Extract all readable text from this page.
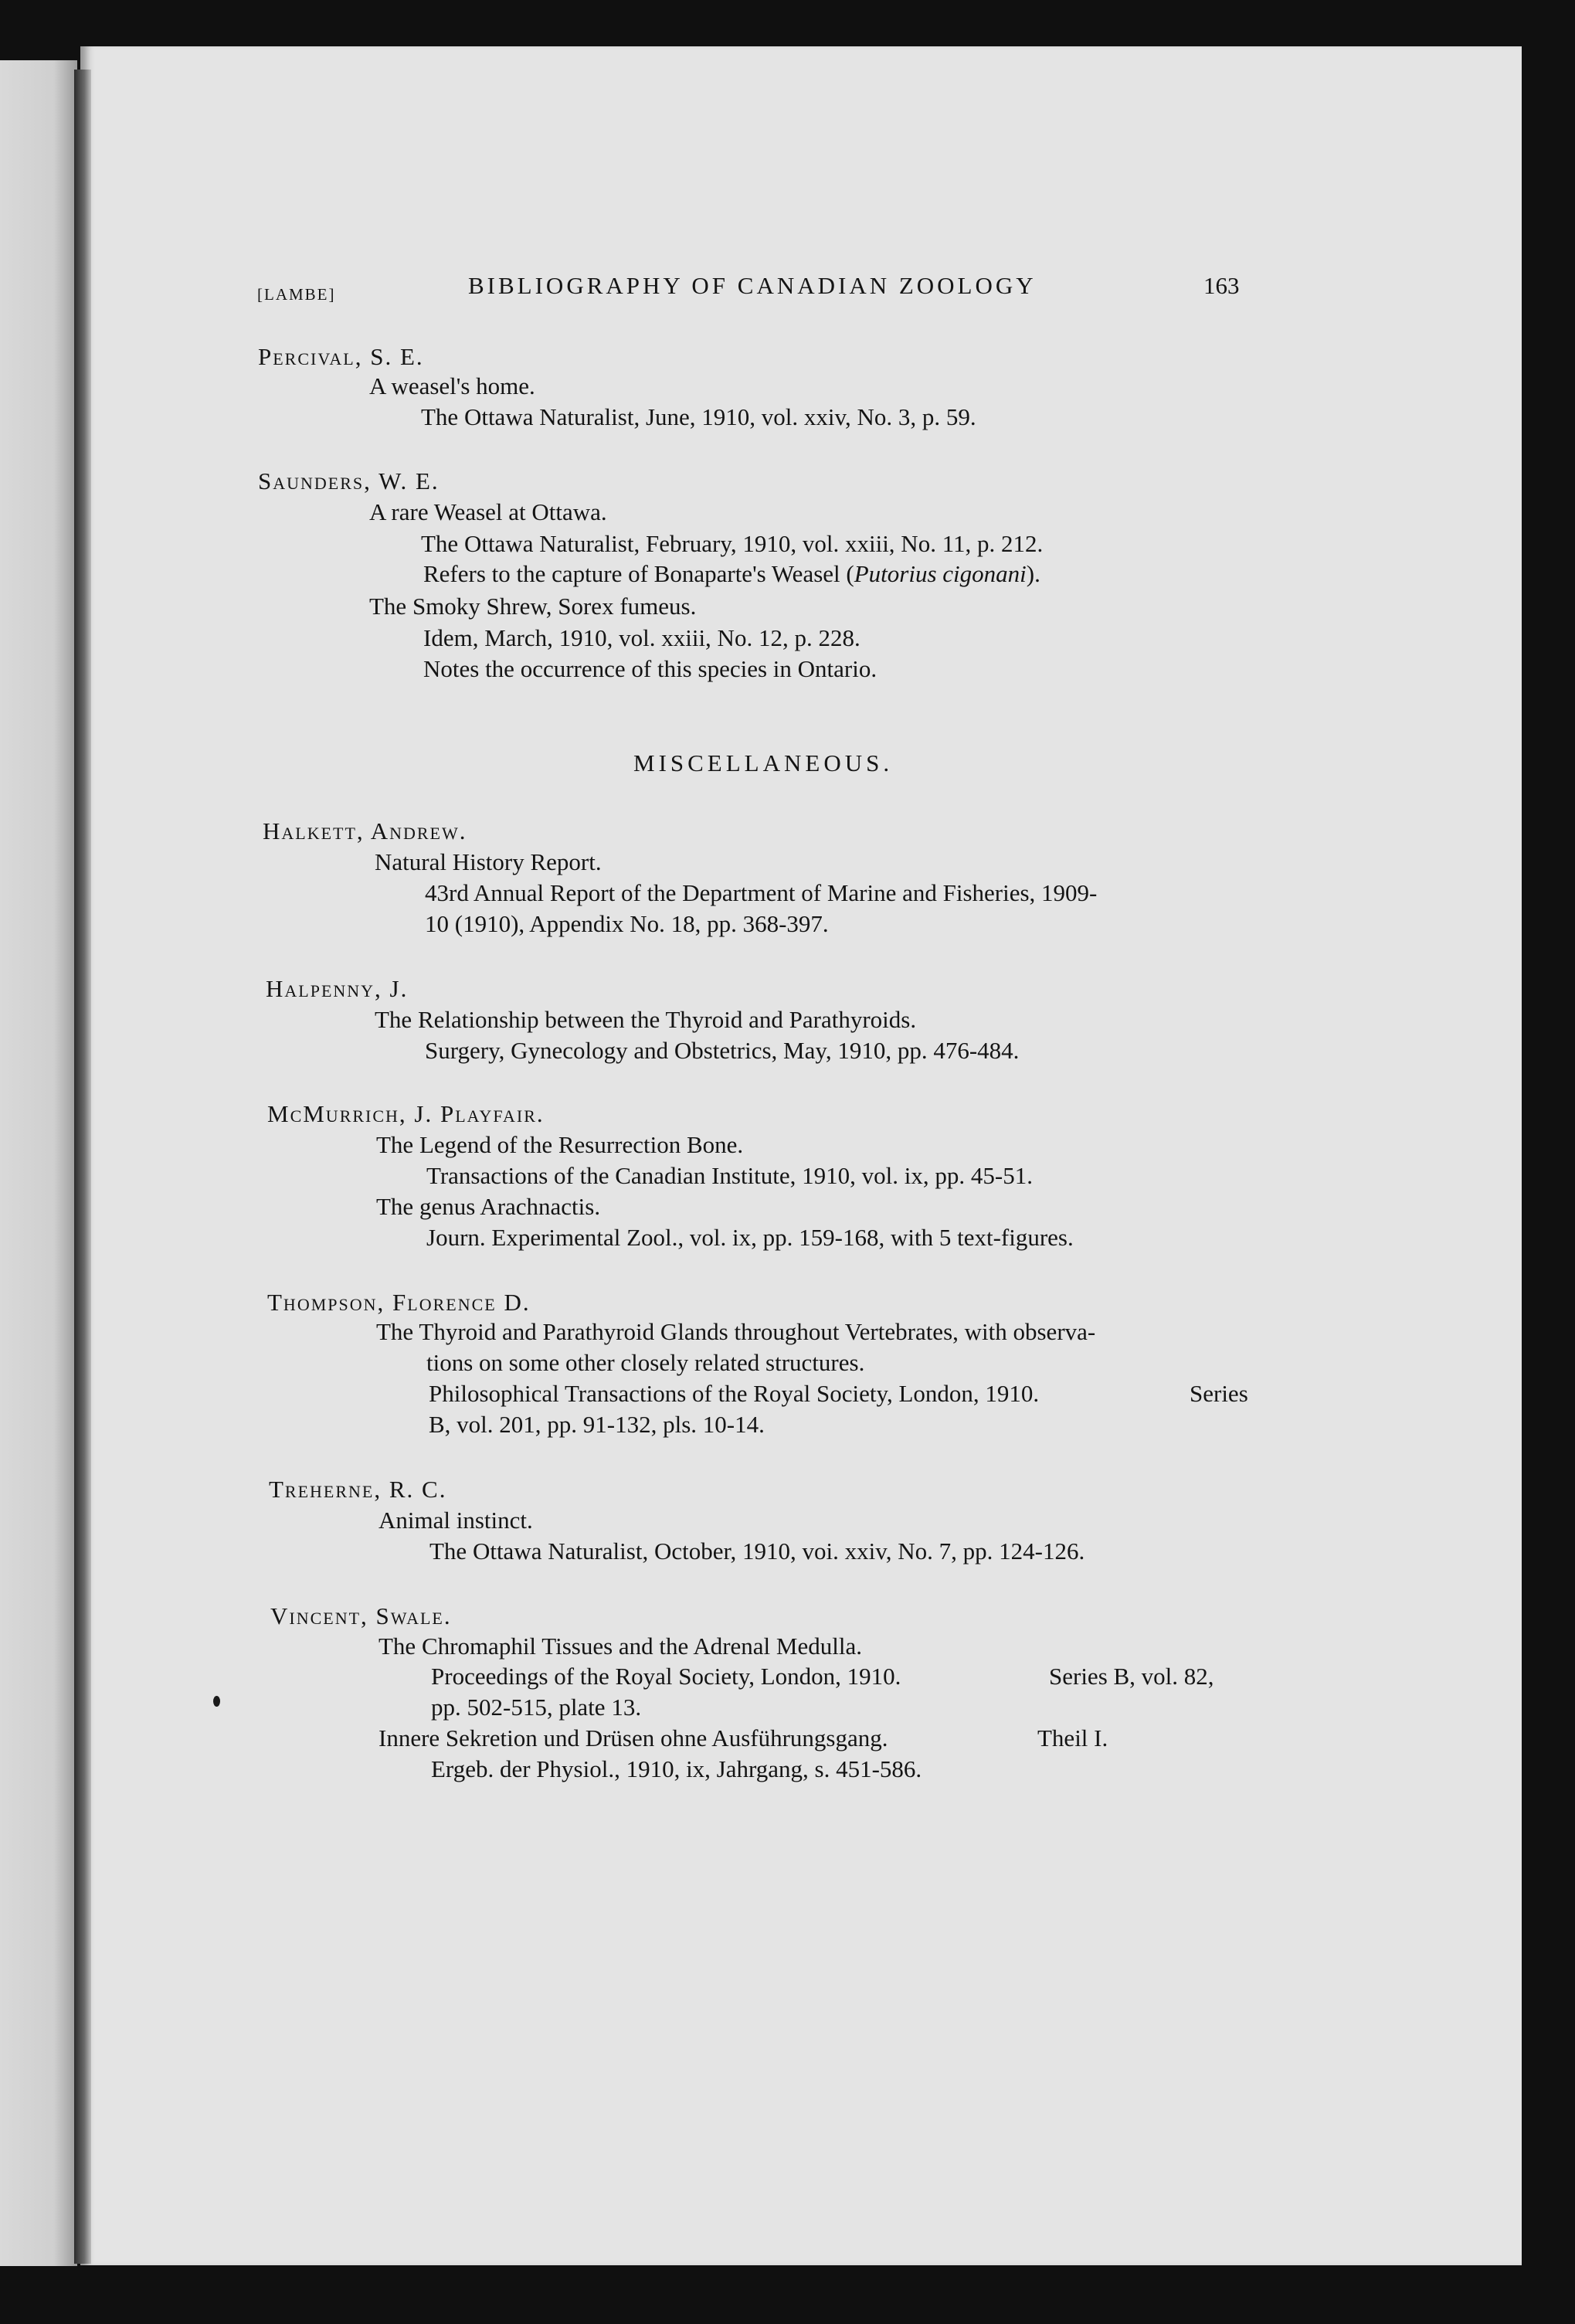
[LAMBE]	BIBLIOGRAPHY OF CANADIAN ZOOLOGY	163
Percival, S. E.
A weasel's home.
The Ottawa Naturalist, June, 1910, vol. xxiv, No. 3, p. 59.
Saunders, W. E.
A rare Weasel at Ottawa.
The Ottawa Naturalist, February, 1910, vol. xxiii, No. 11, p. 212.
Refers to the capture of Bonaparte's Weasel (Putorius cigonani).
The Smoky Shrew, Sorex fumeus.
Idem, March, 1910, vol. xxiii, No. 12, p. 228.
Notes the occurrence of this species in Ontario.
MISCELLANEOUS.
Halkett, Andrew.
Natural History Report.
43rd Annual Report of the Department of Marine and Fisheries, 1909-
10 (1910), Appendix No. 18, pp. 368-397.
Halpenny, J.
The Relationship between the Thyroid and Parathyroids.
Surgery, Gynecology and Obstetrics, May, 1910, pp. 476-484.
McMurrich, J. Playfair.
The Legend of the Resurrection Bone.
Transactions of the Canadian Institute, 1910, vol. ix, pp. 45-51.
The genus Arachnactis.
Journ. Experimental Zool., vol. ix, pp. 159-168, with 5 text-figures.
Thompson, Florence D.
The Thyroid and Parathyroid Glands throughout Vertebrates, with observa-
tions on some other closely related structures.
Philosophical Transactions of the Royal Society, London, 1910.	Series
B, vol. 201, pp. 91-132, pls. 10-14.
Treherne, R. C.
Animal instinct.
The Ottawa Naturalist, October, 1910, voi. xxiv, No. 7, pp. 124-126.
Vincent, Swale.
The Chromaphil Tissues and the Adrenal Medulla.
Proceedings of the Royal Society, London, 1910.	Series B, vol. 82,
pp. 502-515, plate 13.
Innere Sekretion und Drüsen ohne Ausführungsgang.	Theil I.
Ergeb. der Physiol., 1910, ix, Jahrgang, s. 451-586.
